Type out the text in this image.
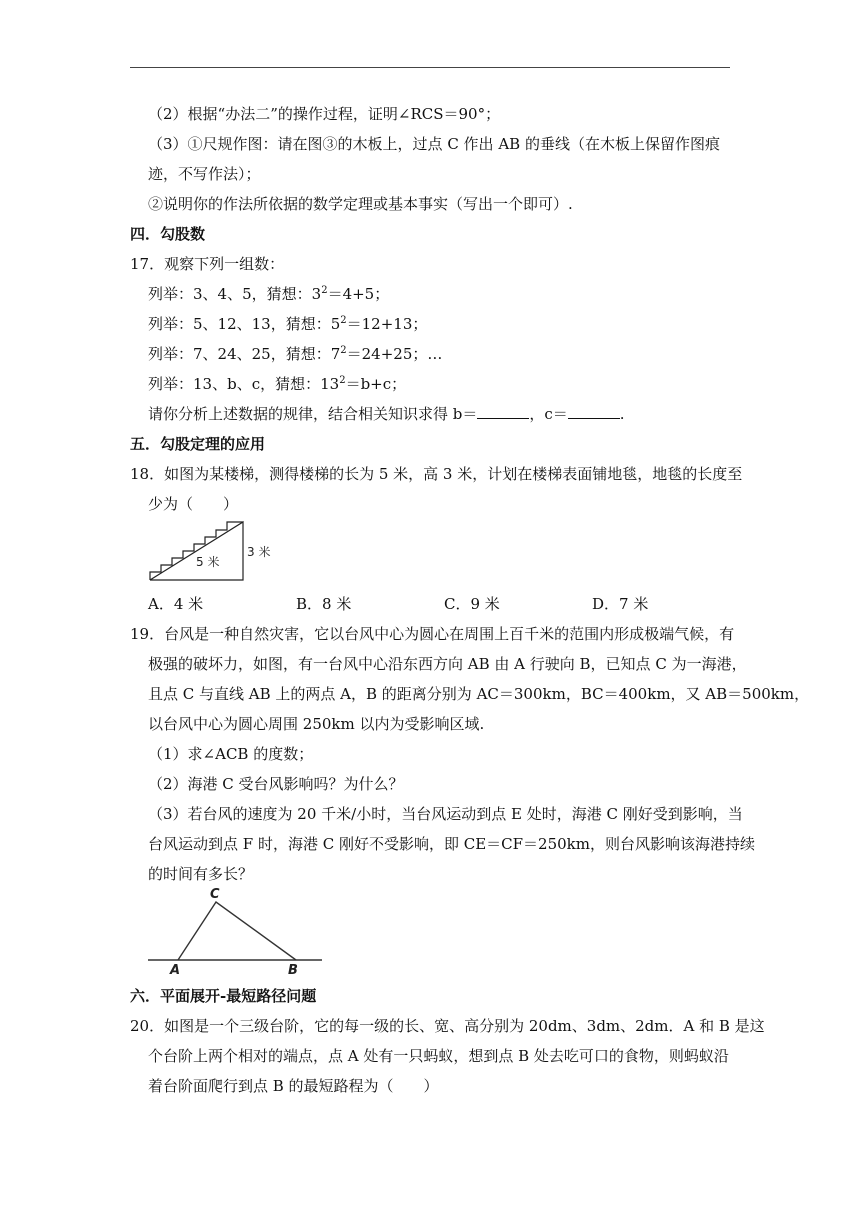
（2）根据“办法二”的操作过程，证明∠RCS＝90°；
（3）①尺规作图：请在图③的木板上，过点 C 作出 AB 的垂线（在木板上保留作图痕
迹，不写作法）；
②说明你的作法所依据的数学定理或基本事实（写出一个即可）.
四．勾股数
17．观察下列一组数：
列举：3、4、5，猜想：$3^2=4+5$；
列举：5、12、13，猜想：$5^2=12+13$；
列举：7、24、25，猜想：$7^2=24+25$；…
列举：13、b、c，猜想：$13^2=b+c$；
请你分析上述数据的规律，结合相关知识求得 b＝	，c＝	.
五．勾股定理的应用
18．如图为某楼梯，测得楼梯的长为 5 米，高 3 米，计划在楼梯表面铺地毯，地毯的长度至
少为（　　）
5 米
3 米
A．4 米	B．8 米	C．9 米	D．7 米
19．台风是一种自然灾害，它以台风中心为圆心在周围上百千米的范围内形成极端气候，有
极强的破坏力，如图，有一台风中心沿东西方向 AB 由 A 行驶向 B，已知点 C 为一海港，
且点 C 与直线 AB 上的两点 A，B 的距离分别为 AC＝300km，BC＝400km，又 AB＝500km，
以台风中心为圆心周围 250km 以内为受影响区域.
（1）求∠ACB 的度数；
（2）海港 C 受台风影响吗？为什么？
（3）若台风的速度为 20 千米/小时，当台风运动到点 E 处时，海港 C 刚好受到影响，当
台风运动到点 F 时，海港 C 刚好不受影响，即 CE＝CF＝250km，则台风影响该海港持续
的时间有多长？
C
A	B
六．平面展开-最短路径问题
20．如图是一个三级台阶，它的每一级的长、宽、高分别为 20dm、3dm、2dm．A 和 B 是这
个台阶上两个相对的端点，点 A 处有一只蚂蚁，想到点 B 处去吃可口的食物，则蚂蚁沿
着台阶面爬行到点 B 的最短路程为（　　）
